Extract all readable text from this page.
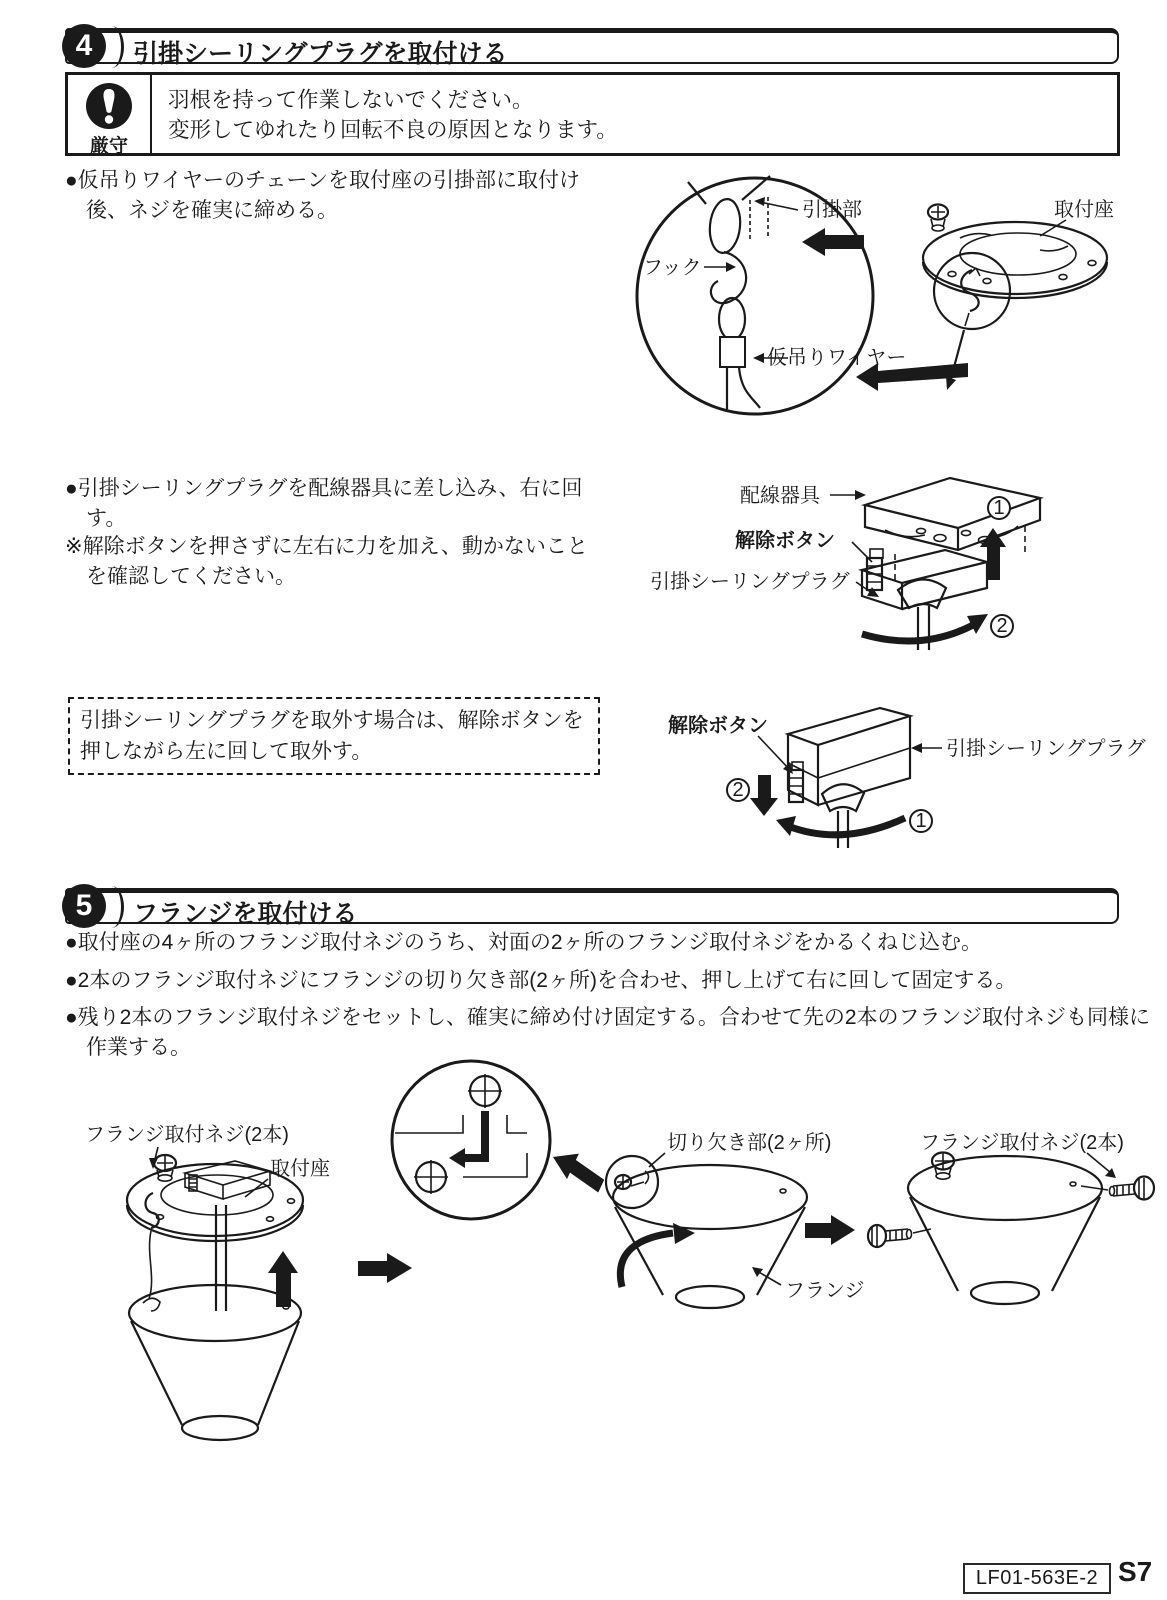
4	引掛シーリングプラグを取付ける
厳守
羽根を持って作業しないでください。
変形してゆれたり回転不良の原因となります。
●仮吊りワイヤーのチェーンを取付座の引掛部に取付け
後、ネジを確実に締める。	引掛部
フック
仮吊りワイヤー
取付座
●引掛シーリングプラグを配線器具に差し込み、右に回
す。
※解除ボタンを押さずに左右に力を加え、動かないこと
を確認してください。
1
2
配線器具
解除ボタン
引掛シーリングプラグ
引掛シーリングプラグを取外す場合は、解除ボタンを
押しながら左に回して取外す。
2
1
解除ボタン
引掛シーリングプラグ
5	フランジを取付ける
●取付座の4ヶ所のフランジ取付ネジのうち、対面の2ヶ所のフランジ取付ネジをかるくねじ込む。
●2本のフランジ取付ネジにフランジの切り欠き部(2ヶ所)を合わせ、押し上げて右に回して固定する。
●残り2本のフランジ取付ネジをセットし、確実に締め付け固定する。合わせて先の2本のフランジ取付ネジも同様に
作業する。
フランジ取付ネジ(2本)
取付座
切り欠き部(2ヶ所)
フランジ
フランジ取付ネジ(2本)
LF01-563E-2 S7
